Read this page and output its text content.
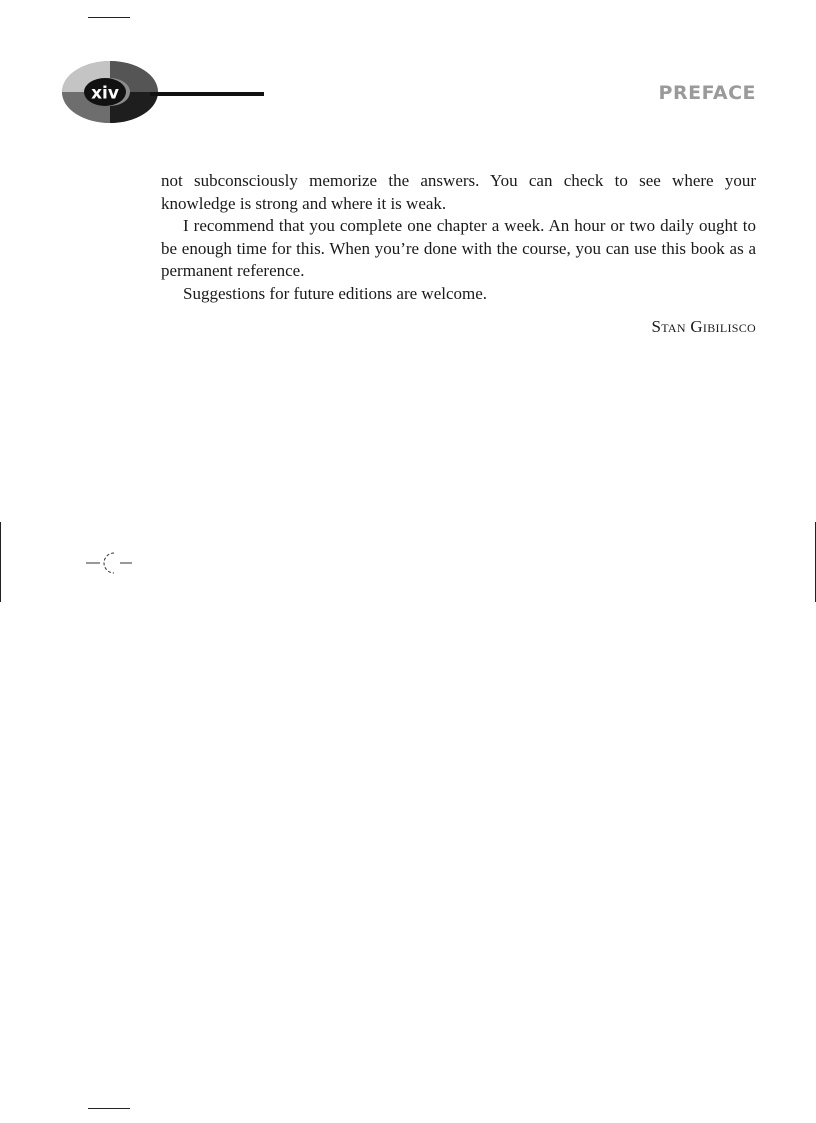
xiv	PREFACE

not subconsciously memorize the answers. You can check to see where your knowledge is strong and where it is weak.

I recommend that you complete one chapter a week. An hour or two daily ought to be enough time for this. When you’re done with the course, you can use this book as a permanent reference.

Suggestions for future editions are welcome.

Stan Gibilisco
